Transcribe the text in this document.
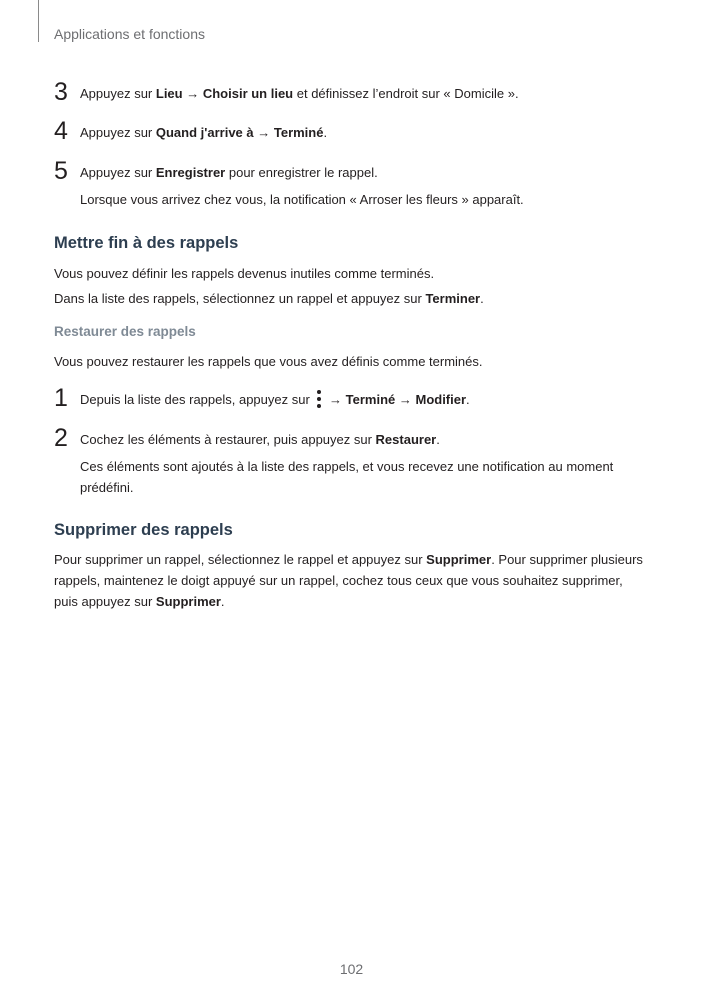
Applications et fonctions
3 Appuyez sur Lieu → Choisir un lieu et définissez l’endroit sur « Domicile ».
4 Appuyez sur Quand j'arrive à → Terminé.
5 Appuyez sur Enregistrer pour enregistrer le rappel.
Lorsque vous arrivez chez vous, la notification « Arroser les fleurs » apparaît.
Mettre fin à des rappels
Vous pouvez définir les rappels devenus inutiles comme terminés.
Dans la liste des rappels, sélectionnez un rappel et appuyez sur Terminer.
Restaurer des rappels
Vous pouvez restaurer les rappels que vous avez définis comme terminés.
1 Depuis la liste des rappels, appuyez sur
→ Terminé → Modifier.
2 Cochez les éléments à restaurer, puis appuyez sur Restaurer.
Ces éléments sont ajoutés à la liste des rappels, et vous recevez une notification au moment prédéfini.
Supprimer des rappels
Pour supprimer un rappel, sélectionnez le rappel et appuyez sur Supprimer. Pour supprimer plusieurs rappels, maintenez le doigt appuyé sur un rappel, cochez tous ceux que vous souhaitez supprimer, puis appuyez sur Supprimer.
102
